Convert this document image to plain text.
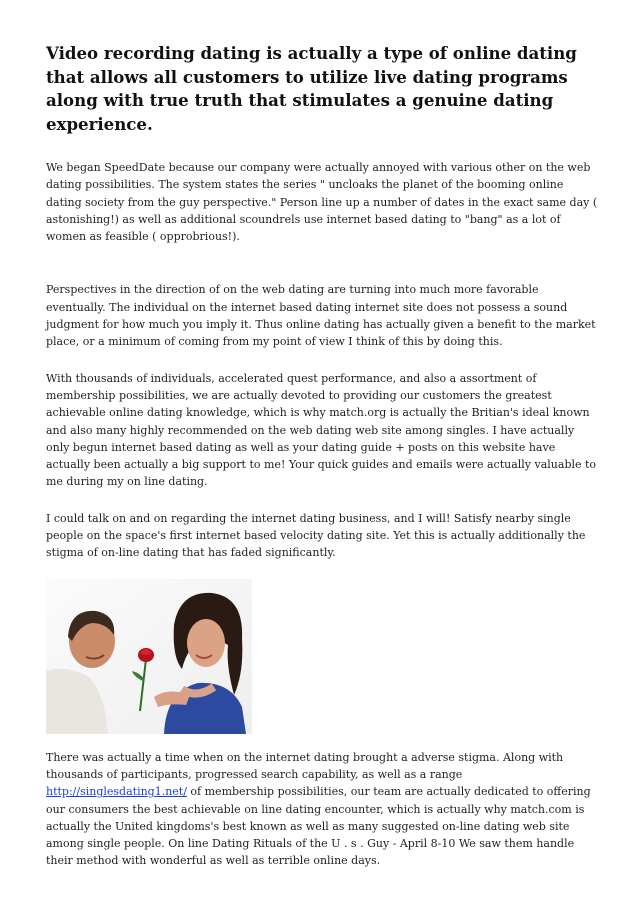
Video recording dating is actually a type of online dating that allows all customers to utilize live dating programs along with true truth that stimulates a genuine dating experience.

We began SpeedDate because our company were actually annoyed with various other on the web dating possibilities. The system states the series " uncloaks the planet of the booming online dating society from the guy perspective." Person line up a number of dates in the exact same day ( astonishing!) as well as additional scoundrels use internet based dating to "bang" as a lot of women as feasible ( opprobrious!).

Perspectives in the direction of on the web dating are turning into much more favorable eventually. The individual on the internet based dating internet site does not possess a sound judgment for how much you imply it. Thus online dating has actually given a benefit to the market place, or a minimum of coming from my point of view I think of this by doing this.

With thousands of individuals, accelerated quest performance, and also a assortment of membership possibilities, we are actually devoted to providing our customers the greatest achievable online dating knowledge, which is why match.org is actually the Britian's ideal known and also many highly recommended on the web dating web site among singles. I have actually only begun internet based dating as well as your dating guide + posts on this website have actually been actually a big support to me! Your quick guides and emails were actually valuable to me during my on line dating.

I could talk on and on regarding the internet dating business, and I will! Satisfy nearby single people on the space's first internet based velocity dating site. Yet this is actually additionally the stigma of on-line dating that has faded significantly.

There was actually a time when on the internet dating brought a adverse stigma. Along with thousands of participants, progressed search capability, as well as a range http://singlesdating1.net/ of membership possibilities, our team are actually dedicated to offering our consumers the best achievable on line dating encounter, which is actually why match.com is actually the United kingdoms's best known as well as many suggested on-line dating web site among single people. On line Dating Rituals of the U . s . Guy - April 8-10 We saw them handle their method with wonderful as well as terrible online days.
